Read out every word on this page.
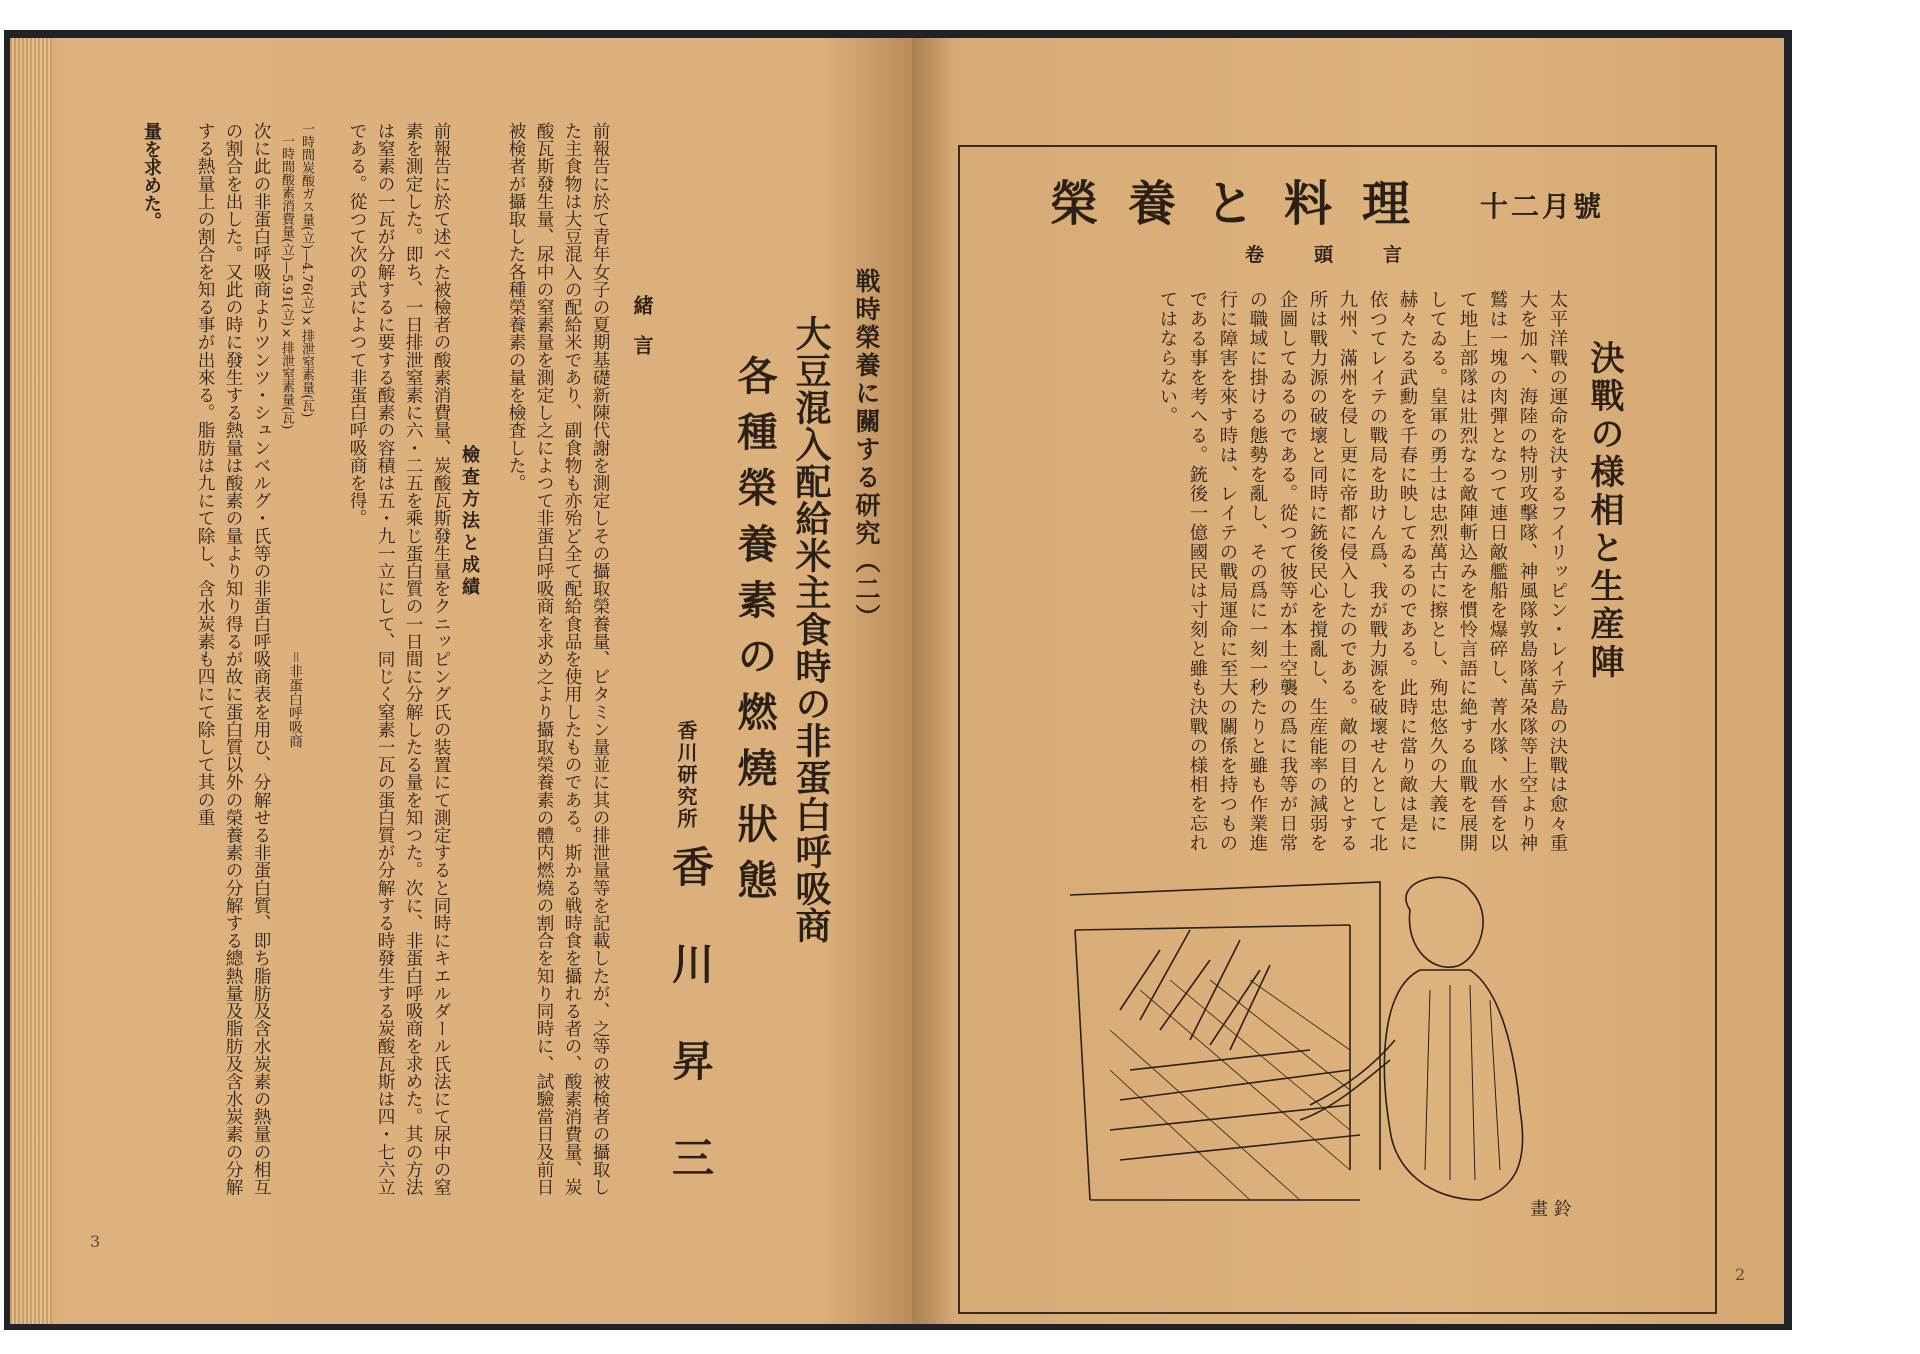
戦時榮養に關する研究（二）

大豆混入配給米主食時の非蛋白呼吸商

各種榮養素の燃燒狀態

香川研究所

香川昇三

緒言

前報告に於て青年女子の夏期基礎新陳代謝を測定しその攝取榮養量、ビタミン量並に其の排泄量等を記載したが、之等の被検者の攝取した主食物は大豆混入の配給米であり、副食物も亦殆ど全て配給食品を使用したものである。斯かる戦時食を攝れる者の、酸素消費量、炭酸瓦斯發生量、尿中の窒素量を測定し之によつて非蛋白呼吸商を求め之より攝取榮養素の體内燃燒の割合を知り同時に、試驗當日及前日被検者が攝取した各種榮養素の量を檢査した。

檢査方法と成績

前報告に於て述べた被檢者の酸素消費量、炭酸瓦斯發生量をクニッピング氏の装置にて測定すると同時にキエルダール氏法にて尿中の窒素を測定した。即ち、一日排泄窒素に六・二五を乘じ蛋白質の一日間に分解したる量を知つた。次に、非蛋白呼吸商を求めた。其の方法は窒素の一瓦が分解するに要する酸素の容積は五・九一立にして、同じく窒素一瓦の蛋白質が分解する時發生する炭酸瓦斯は四・七六立である。從つて次の式によつて非蛋白呼吸商を得。

一時間炭酸ガス量(立)—4.76(立)×排泄窒素量(瓦)

一時間酸素消費量(立)—5.91(立)×排泄窒素量(瓦)

＝非蛋白呼吸商

次に此の非蛋白呼吸商よりツンツ・シュンベルグ・氏等の非蛋白呼吸商表を用ひ、分解せる非蛋白質、即ち脂肪及含水炭素の熱量の相互の割合を出した。又此の時に發生する熱量は酸素の量より知り得るが故に蛋白質以外の榮養素の分解する總熱量及脂肪及含水炭素の分解する熱量上の割合を知る事が出來る。脂肪は九にて除し、含水炭素も四にて除して其の重

量を求めた。

3
榮養と料理 十二月號
卷頭言

決戰の様相と生産陣

太平洋戰の運命を決するフイリッピン・レイテ島の決戰は愈々重大を加へ、海陸の特別攻擊隊、神風隊敦島隊萬朶隊等上空より神鷲は一塊の肉彈となつて連日敵艦船を爆碎し、菁水隊、水晉を以て地上部隊は壯烈なる敵陣斬込みを慣怜言語に絶する血戰を展開してゐる。皇軍の勇士は忠烈萬古に擦とし、殉忠悠久の大義に赫々たる武勳を千春に映してゐるのである。此時に當り敵は是に依つてレイテの戰局を助けん爲、我が戰力源を破壞せんとして北九州、滿州を侵し更に帝都に侵入したのである。敵の目的とする所は戰力源の破壞と同時に銃後民心を撹亂し、生産能率の減弱を企圖してゐるのである。從つて彼等が本土空襲の爲に我等が日常の職域に掛ける態勢を亂し、その爲に一刻一秒たりと雖も作業進行に障害を來す時は、レイテの戰局運命に至大の關係を持つものである事を考へる。銃後一億國民は寸刻と雖も決戰の様相を忘れてはならない。

畫 鈴
2
